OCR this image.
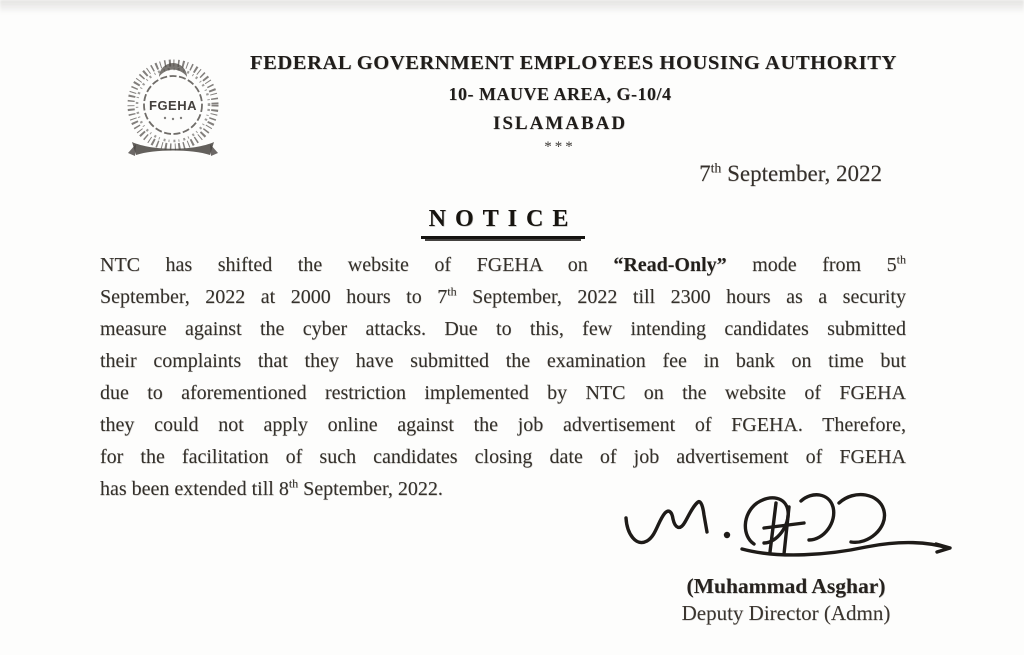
FGEHA
FEDERAL GOVERNMENT EMPLOYEES HOUSING AUTHORITY
10- MAUVE AREA, G-10/4
ISLAMABAD
***
7th September, 2022
NOTICE
NTC has shifted the website of FGEHA on “Read-Only” mode from 5th
September, 2022 at 2000 hours to 7th September, 2022 till 2300 hours as a security
measure against the cyber attacks. Due to this, few intending candidates submitted
their complaints that they have submitted the examination fee in bank on time but
due to aforementioned restriction implemented by NTC on the website of FGEHA
they could not apply online against the job advertisement of FGEHA. Therefore,
for the facilitation of such candidates closing date of job advertisement of FGEHA
has been extended till 8th September, 2022.
(Muhammad Asghar)
Deputy Director (Admn)
